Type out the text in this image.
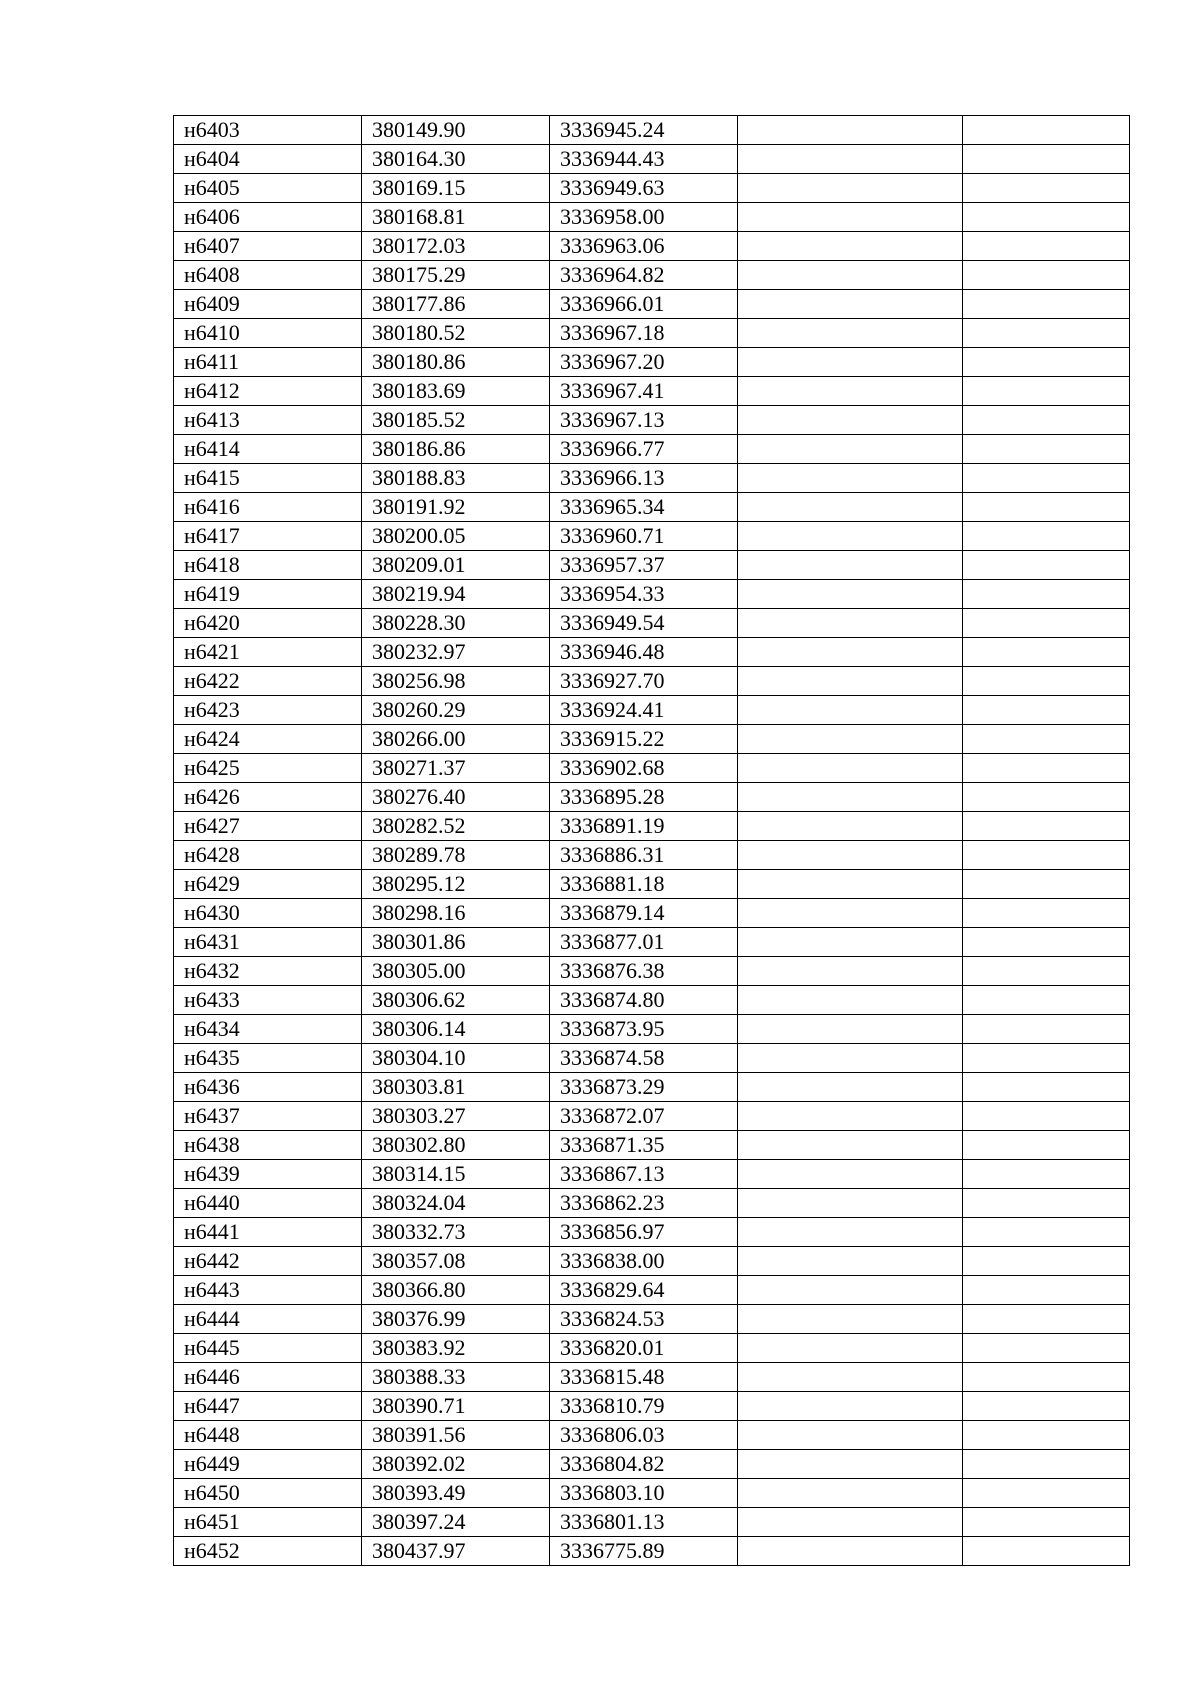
н6403	380149.90	3336945.24		
н6404	380164.30	3336944.43		
н6405	380169.15	3336949.63		
н6406	380168.81	3336958.00		
н6407	380172.03	3336963.06		
н6408	380175.29	3336964.82		
н6409	380177.86	3336966.01		
н6410	380180.52	3336967.18		
н6411	380180.86	3336967.20		
н6412	380183.69	3336967.41		
н6413	380185.52	3336967.13		
н6414	380186.86	3336966.77		
н6415	380188.83	3336966.13		
н6416	380191.92	3336965.34		
н6417	380200.05	3336960.71		
н6418	380209.01	3336957.37		
н6419	380219.94	3336954.33		
н6420	380228.30	3336949.54		
н6421	380232.97	3336946.48		
н6422	380256.98	3336927.70		
н6423	380260.29	3336924.41		
н6424	380266.00	3336915.22		
н6425	380271.37	3336902.68		
н6426	380276.40	3336895.28		
н6427	380282.52	3336891.19		
н6428	380289.78	3336886.31		
н6429	380295.12	3336881.18		
н6430	380298.16	3336879.14		
н6431	380301.86	3336877.01		
н6432	380305.00	3336876.38		
н6433	380306.62	3336874.80		
н6434	380306.14	3336873.95		
н6435	380304.10	3336874.58		
н6436	380303.81	3336873.29		
н6437	380303.27	3336872.07		
н6438	380302.80	3336871.35		
н6439	380314.15	3336867.13		
н6440	380324.04	3336862.23		
н6441	380332.73	3336856.97		
н6442	380357.08	3336838.00		
н6443	380366.80	3336829.64		
н6444	380376.99	3336824.53		
н6445	380383.92	3336820.01		
н6446	380388.33	3336815.48		
н6447	380390.71	3336810.79		
н6448	380391.56	3336806.03		
н6449	380392.02	3336804.82		
н6450	380393.49	3336803.10		
н6451	380397.24	3336801.13		
н6452	380437.97	3336775.89		
